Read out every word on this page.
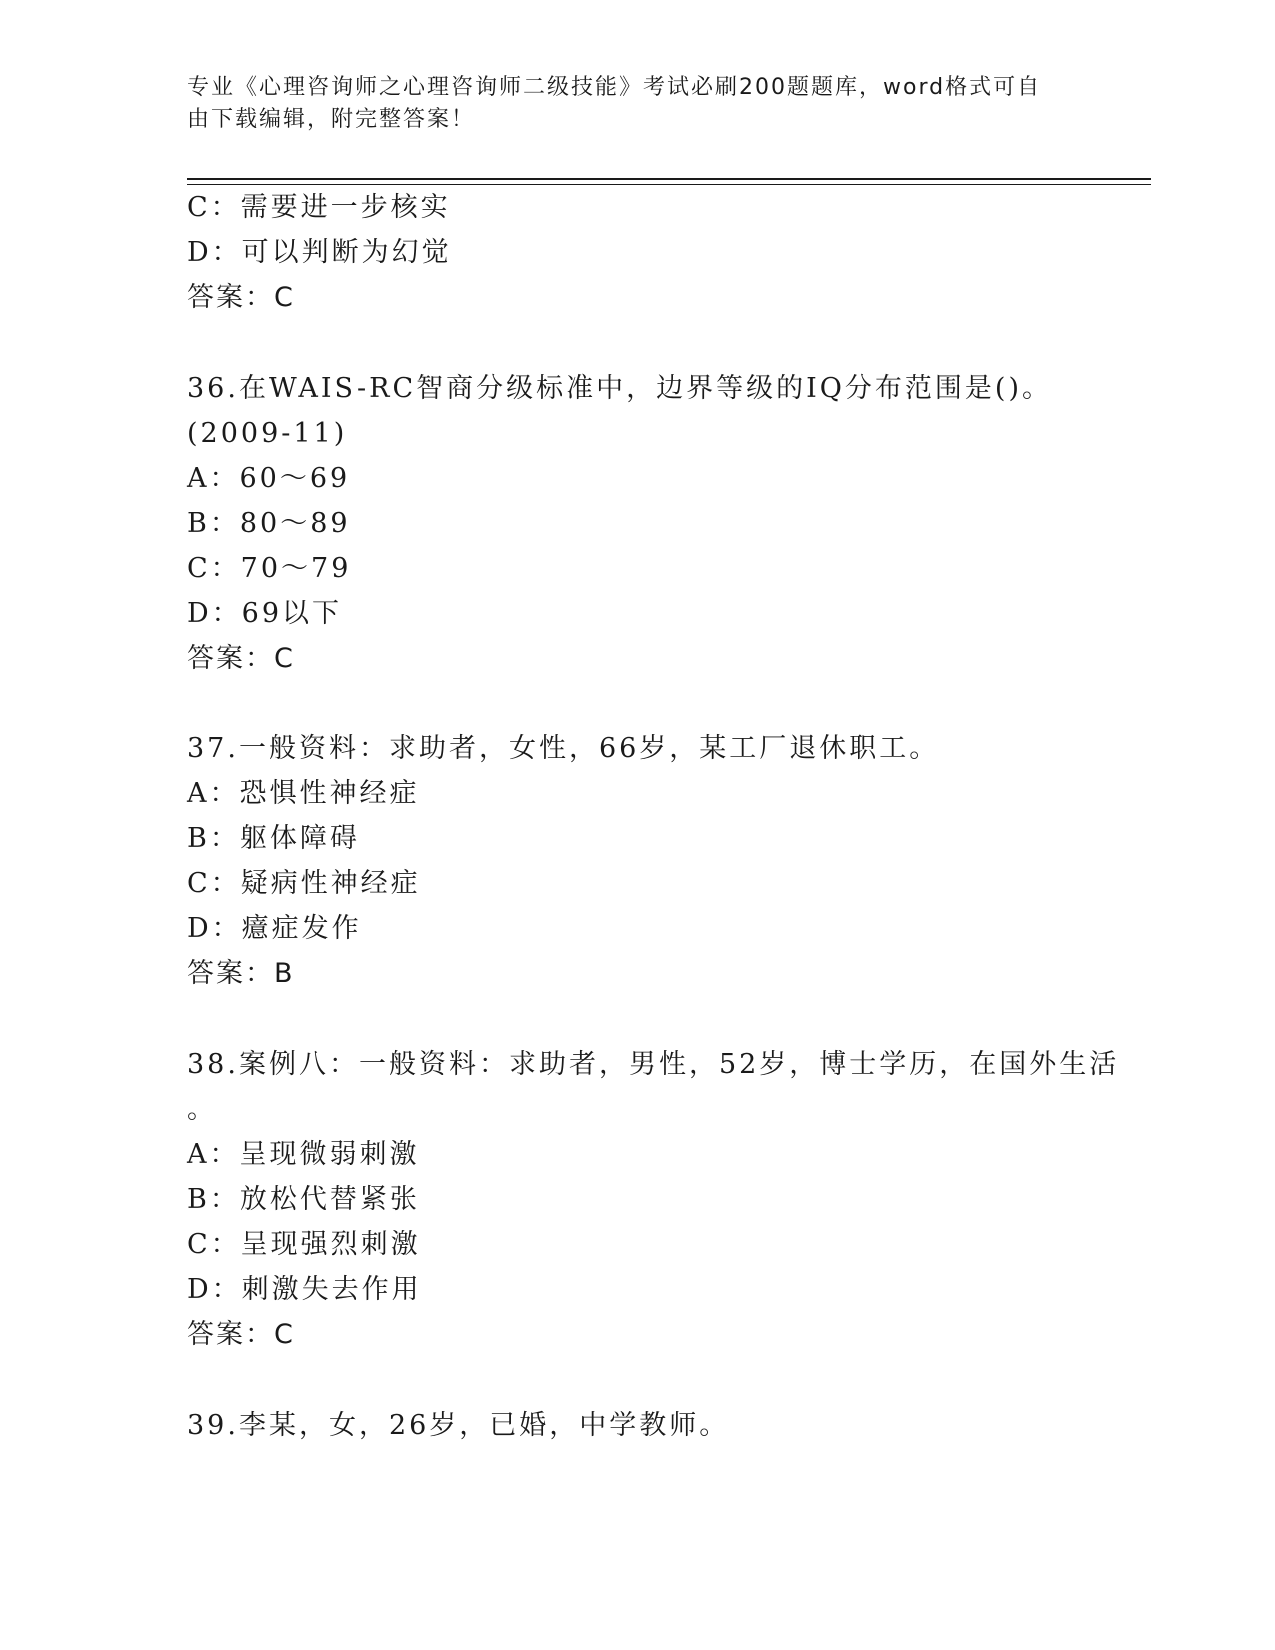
专业《心理咨询师之心理咨询师二级技能》考试必刷200题题库，word格式可自
由下载编辑，附完整答案！
C：需要进一步核实
D：可以判断为幻觉
答案：C
36.在WAIS-RC智商分级标准中，边界等级的IQ分布范围是()。
(2009-11)
A：60～69
B：80～89
C：70～79
D：69以下
答案：C
37.一般资料：求助者，女性，66岁，某工厂退休职工。
A：恐惧性神经症
B：躯体障碍
C：疑病性神经症
D：癔症发作
答案：B
38.案例八：一般资料：求助者，男性，52岁，博士学历，在国外生活
。
A：呈现微弱刺激
B：放松代替紧张
C：呈现强烈刺激
D：刺激失去作用
答案：C
39.李某，女，26岁，已婚，中学教师。
